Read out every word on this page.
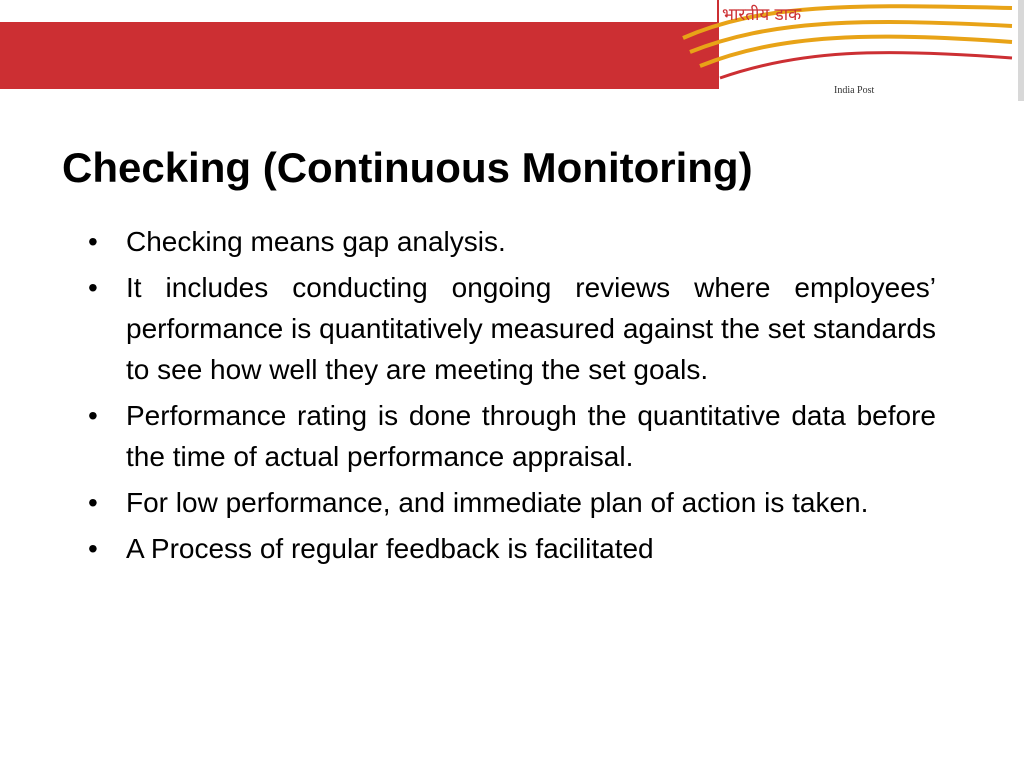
भारतीय डाक
India Post
Checking (Continuous Monitoring)
• Checking means gap analysis.
• It includes conducting ongoing reviews where employees’ performance is quantitatively measured against the set standards to see how well they are meeting the set goals.
• Performance rating is done through the quantitative data before the time of actual performance appraisal.
• For low performance, and immediate plan of action is taken.
• A Process of regular feedback is facilitated
